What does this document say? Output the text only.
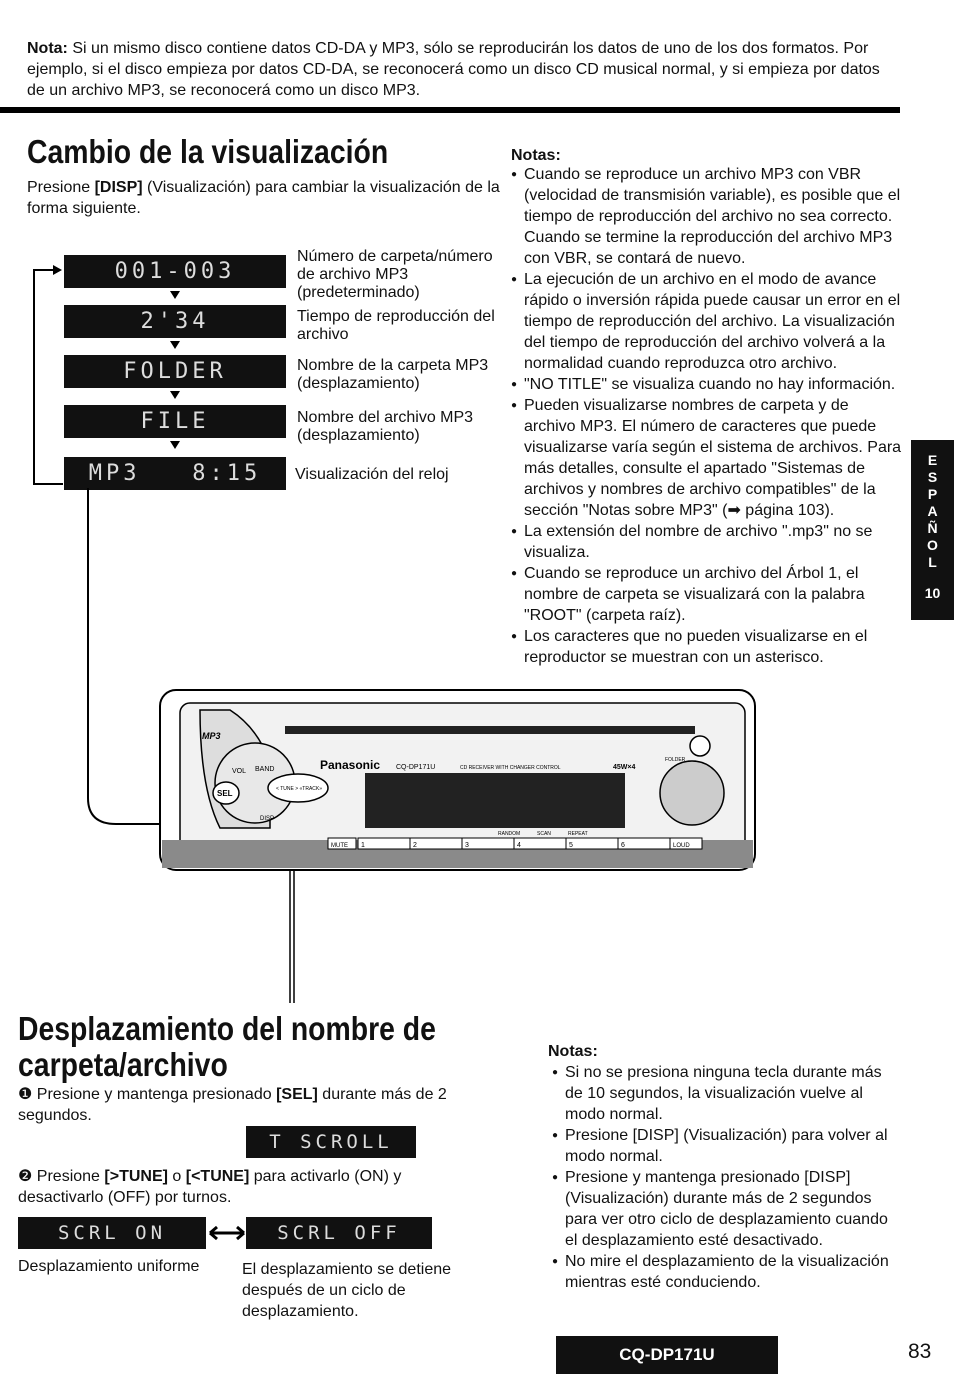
Nota: Si un mismo disco contiene datos CD-DA y MP3, sólo se reproducirán los datos de uno de los dos formatos. Por ejemplo, si el disco empieza por datos CD-DA, se reconocerá como un disco CD musical normal, y si empieza por datos de un archivo MP3, se reconocerá como un disco MP3.
Cambio de la visualización
Presione [DISP] (Visualización) para cambiar la visualización de la forma siguiente.
001-003
2'34
FOLDER
FILE
MP3   8:15
Número de carpeta/número de archivo MP3 (predeterminado)
Tiempo de reproducción del archivo
Nombre de la carpeta MP3 (desplazamiento)
Nombre del archivo MP3 (desplazamiento)
Visualización del reloj
Notas:
● Cuando se reproduce un archivo MP3 con VBR (velocidad de transmisión variable), es posible que el tiempo de reproducción del archivo no sea correcto. Cuando se termine la reproducción del archivo MP3 con VBR, se contará de nuevo.
● La ejecución de un archivo en el modo de avance rápido o inversión rápida puede causar un error en el tiempo de reproducción del archivo. La visualización del tiempo de reproducción del archivo volverá a la normalidad cuando reproduzca otro archivo.
● "NO TITLE" se visualiza cuando no hay información.
● Pueden visualizarse nombres de carpeta y de archivo MP3. El número de caracteres que puede visualizarse varía según el sistema de archivos. Para más detalles, consulte el apartado "Sistemas de archivos y nombres de archivo compatibles" de la sección "Notas sobre MP3" (➡ página 103).
● La extensión del nombre de archivo ".mp3" no se visualiza.
● Cuando se reproduce un archivo del Árbol 1, el nombre de carpeta se visualizará con la palabra "ROOT" (carpeta raíz).
● Los caracteres que no pueden visualizarse en el reproductor se muestran con un asterisco.
E
S
P
A
Ñ
O
L
10
Panasonic CQ-DP171U	CD RECEIVER WITH CHANGER CONTROL	45W×4
MP3
VOL BAND
SEL	< TUNE > «TRACK»
DISP
FOLDER
RANDOM	SCAN	REPEAT
MUTE 1	2	3	4	5	6	LOUD
Desplazamiento del nombre de carpeta/archivo
❶ Presione y mantenga presionado [SEL] durante más de 2 segundos.
T SCROLL
❷ Presione [>TUNE] o [<TUNE] para activarlo (ON) y desactivarlo (OFF) por turnos.
SCRL ON	SCRL OFF
Desplazamiento uniforme	El desplazamiento se detiene después de un ciclo de desplazamiento.
Notas:
● Si no se presiona ninguna tecla durante más de 10 segundos, la visualización vuelve al modo normal.
● Presione [DISP] (Visualización) para volver al modo normal.
● Presione y mantenga presionado [DISP] (Visualización) durante más de 2 segundos para ver otro ciclo de desplazamiento cuando el desplazamiento esté desactivado.
● No mire el desplazamiento de la visualización mientras esté conduciendo.
CQ-DP171U	83
